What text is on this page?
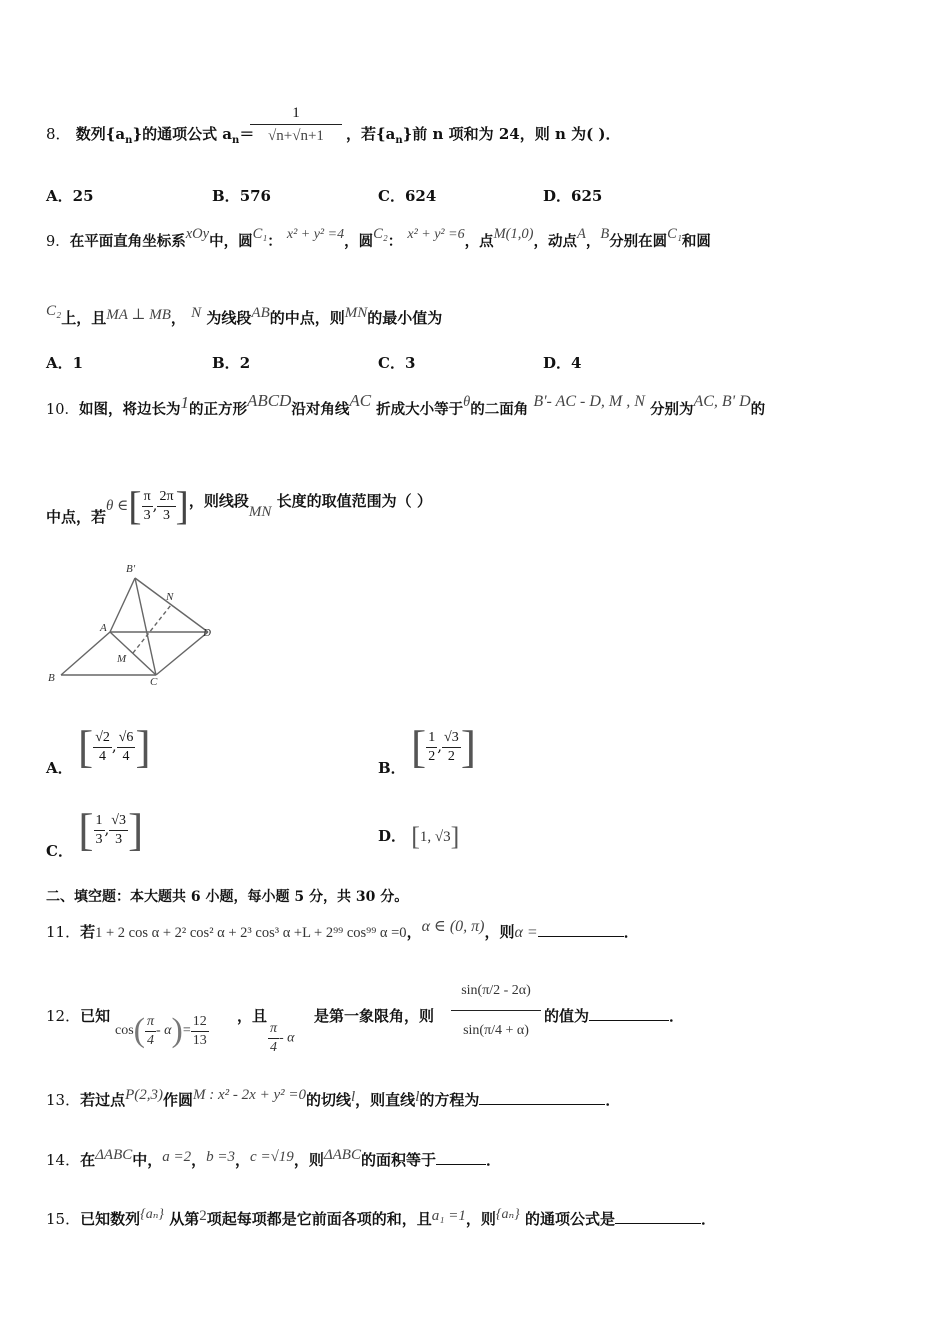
8． 数列$\{a_n\}$的通项公式 $a_n=$
1
√n+√n+1	，若$\{a_n\}$前 n 项和为 24，则 n 为( )．
A．25	B．576	C．624	D．625
9．在平面直角坐标系xOy中，圆C₁： x² + y² =4，圆C₂： x² + y² =6，点M(1,0)，动点A，B分别在圆C₁和圆
C₂上，且MA ⊥ MB， N 为线段AB的中点，则MN的最小值为
A．1	B．2	C．3	D．4
10．如图，将边长为1的正方形ABCD沿对角线AC 折成大小等于θ的二面角 B'- AC - D, M , N 分别为AC, B' D的
中点，若θ ∈[ $\frac{\pi}{3}$ , $\frac{2\pi}{3}$ ]，则线段MN 长度的取值范围为（ ）
B′
N
A	D
M
B	C
A． [ $\frac{√2}{4}$ , $\frac{√6}{4}$ ]	B． [ $\frac{1}{2}$ , $\frac{√3}{2}$ ]
C． [ $\frac{1}{3}$ , $\frac{√3}{3}$ ]	D． [1, √3]
二、填空题：本大题共 6 小题，每小题 5 分，共 30 分。
11．若1 + 2 cos α + 2² cos² α + 2³ cos³ α +L + 2⁹⁹ cos⁹⁹ α =0，α ∈ (0, π)，则α =	．
12．已知
$\cos( \frac{\pi}{4} - \alpha)= \frac{12}{13}$ ，且
$\frac{\pi}{4}$ - α
是第一象限角，则
sin(π/2 - 2α)
sin(π/4 + α)
的值为	．
13．若过点P(2,3)作圆M : x² - 2x + y² =0的切线l，则直线l的方程为	．
14．在ΔABC中，a =2，b =3，c =√19，则ΔABC的面积等于	．
15．已知数列{aₙ} 从第2项起每项都是它前面各项的和，且a₁ =1，则{aₙ} 的通项公式是	．
